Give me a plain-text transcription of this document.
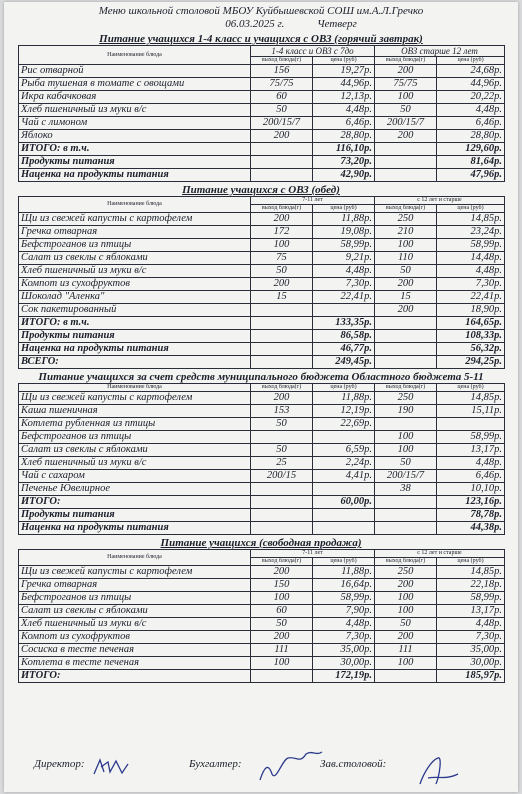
Меню школьной столовой МБОУ Куйбышевской СОШ им.А.Л.Гречко
06.03.2025 г.	Четверг
Питание учащихся 1-4 класс и учащихся с ОВЗ (горячий завтрак)
Наименование блюда	1-4 класс и ОВЗ с 7до		ОВЗ старше 12 лет	
	выход блюда(г)	цена (руб)	выход блюда(г)	цена (руб)
Рис отварной	156	19,27р.	200	24,68р.
Рыба тушеная в томате с овощами	75/75	44,96р.	75/75	44,96р.
Икра кабачковая	60	12,13р.	100	20,22р.
Хлеб пшеничный из муки в/с	50	4,48р.	50	4,48р.
Чай с лимоном	200/15/7	6,46р.	200/15/7	6,46р.
Яблоко	200	28,80р.	200	28,80р.
ИТОГО: в т.ч.		116,10р.		129,60р.
Продукты питания		73,20р.		81,64р.
Наценка на продукты питания		42,90р.		47,96р.
Питание учащихся с ОВЗ (обед)
Наименование блюда	7-11 лет		с 12 лет и старше	
	выход блюда(г)	цена (руб)	выход блюда(г)	цена (руб)
Щи из свежей капусты с картофелем	200	11,88р.	250	14,85р.
Гречка отварная	172	19,08р.	210	23,24р.
Бефстроганов из птицы	100	58,99р.	100	58,99р.
Салат из свеклы с яблоками	75	9,21р.	110	14,48р.
Хлеб пшеничный из муки в/с	50	4,48р.	50	4,48р.
Компот из сухофруктов	200	7,30р.	200	7,30р.
Шоколад "Аленка"	15	22,41р.	15	22,41р.
Сок пакетированный			200	18,90р.
ИТОГО: в т.ч.		133,35р.		164,65р.
Продукты питания		86,58р.		108,33р.
Наценка на продукты питания		46,77р.		56,32р.
ВСЕГО:		249,45р.		294,25р.
Питание учащихся за счет средств муниципального бюджета Областного бюджета 5-11
Наименование блюда	выход блюда(г)	цена (руб)	выход блюда(г)	цена (руб)
Щи из свежей капусты с картофелем	200	11,88р.	250	14,85р.
Каша пшеничная	153	12,19р.	190	15,11р.
Котлета рубленная из птицы	50	22,69р.		
Бефстроганов из птицы			100	58,99р.
Салат из свеклы с яблоками	50	6,59р.	100	13,17р.
Хлеб пшеничный из муки в/с	25	2,24р.	50	4,48р.
Чай с сахаром	200/15	4,41р.	200/15/7	6,46р.
Печенье Ювелирное			38	10,10р.
ИТОГО:		60,00р.		123,16р.
Продукты питания				78,78р.
Наценка на продукты питания				44,38р.
Питание учащихся (свободная продажа)
Наименование блюда	7-11 лет		с 12 лет и старше	
	выход блюда(г)	цена (руб)	выход блюда(г)	цена (руб)
Щи из свежей капусты с картофелем	200	11,88р.	250	14,85р.
Гречка отварная	150	16,64р.	200	22,18р.
Бефстроганов из птицы	100	58,99р.	100	58,99р.
Салат из свеклы с яблоками	60	7,90р.	100	13,17р.
Хлеб пшеничный из муки в/с	50	4,48р.	50	4,48р.
Компот из сухофруктов	200	7,30р.	200	7,30р.
Сосиска в тесте печеная	111	35,00р.	111	35,00р.
Котлета в тесте печеная	100	30,00р.	100	30,00р.
ИТОГО:		172,19р.		185,97р.
Директор:	Бухгалтер:	Зав.столовой:
